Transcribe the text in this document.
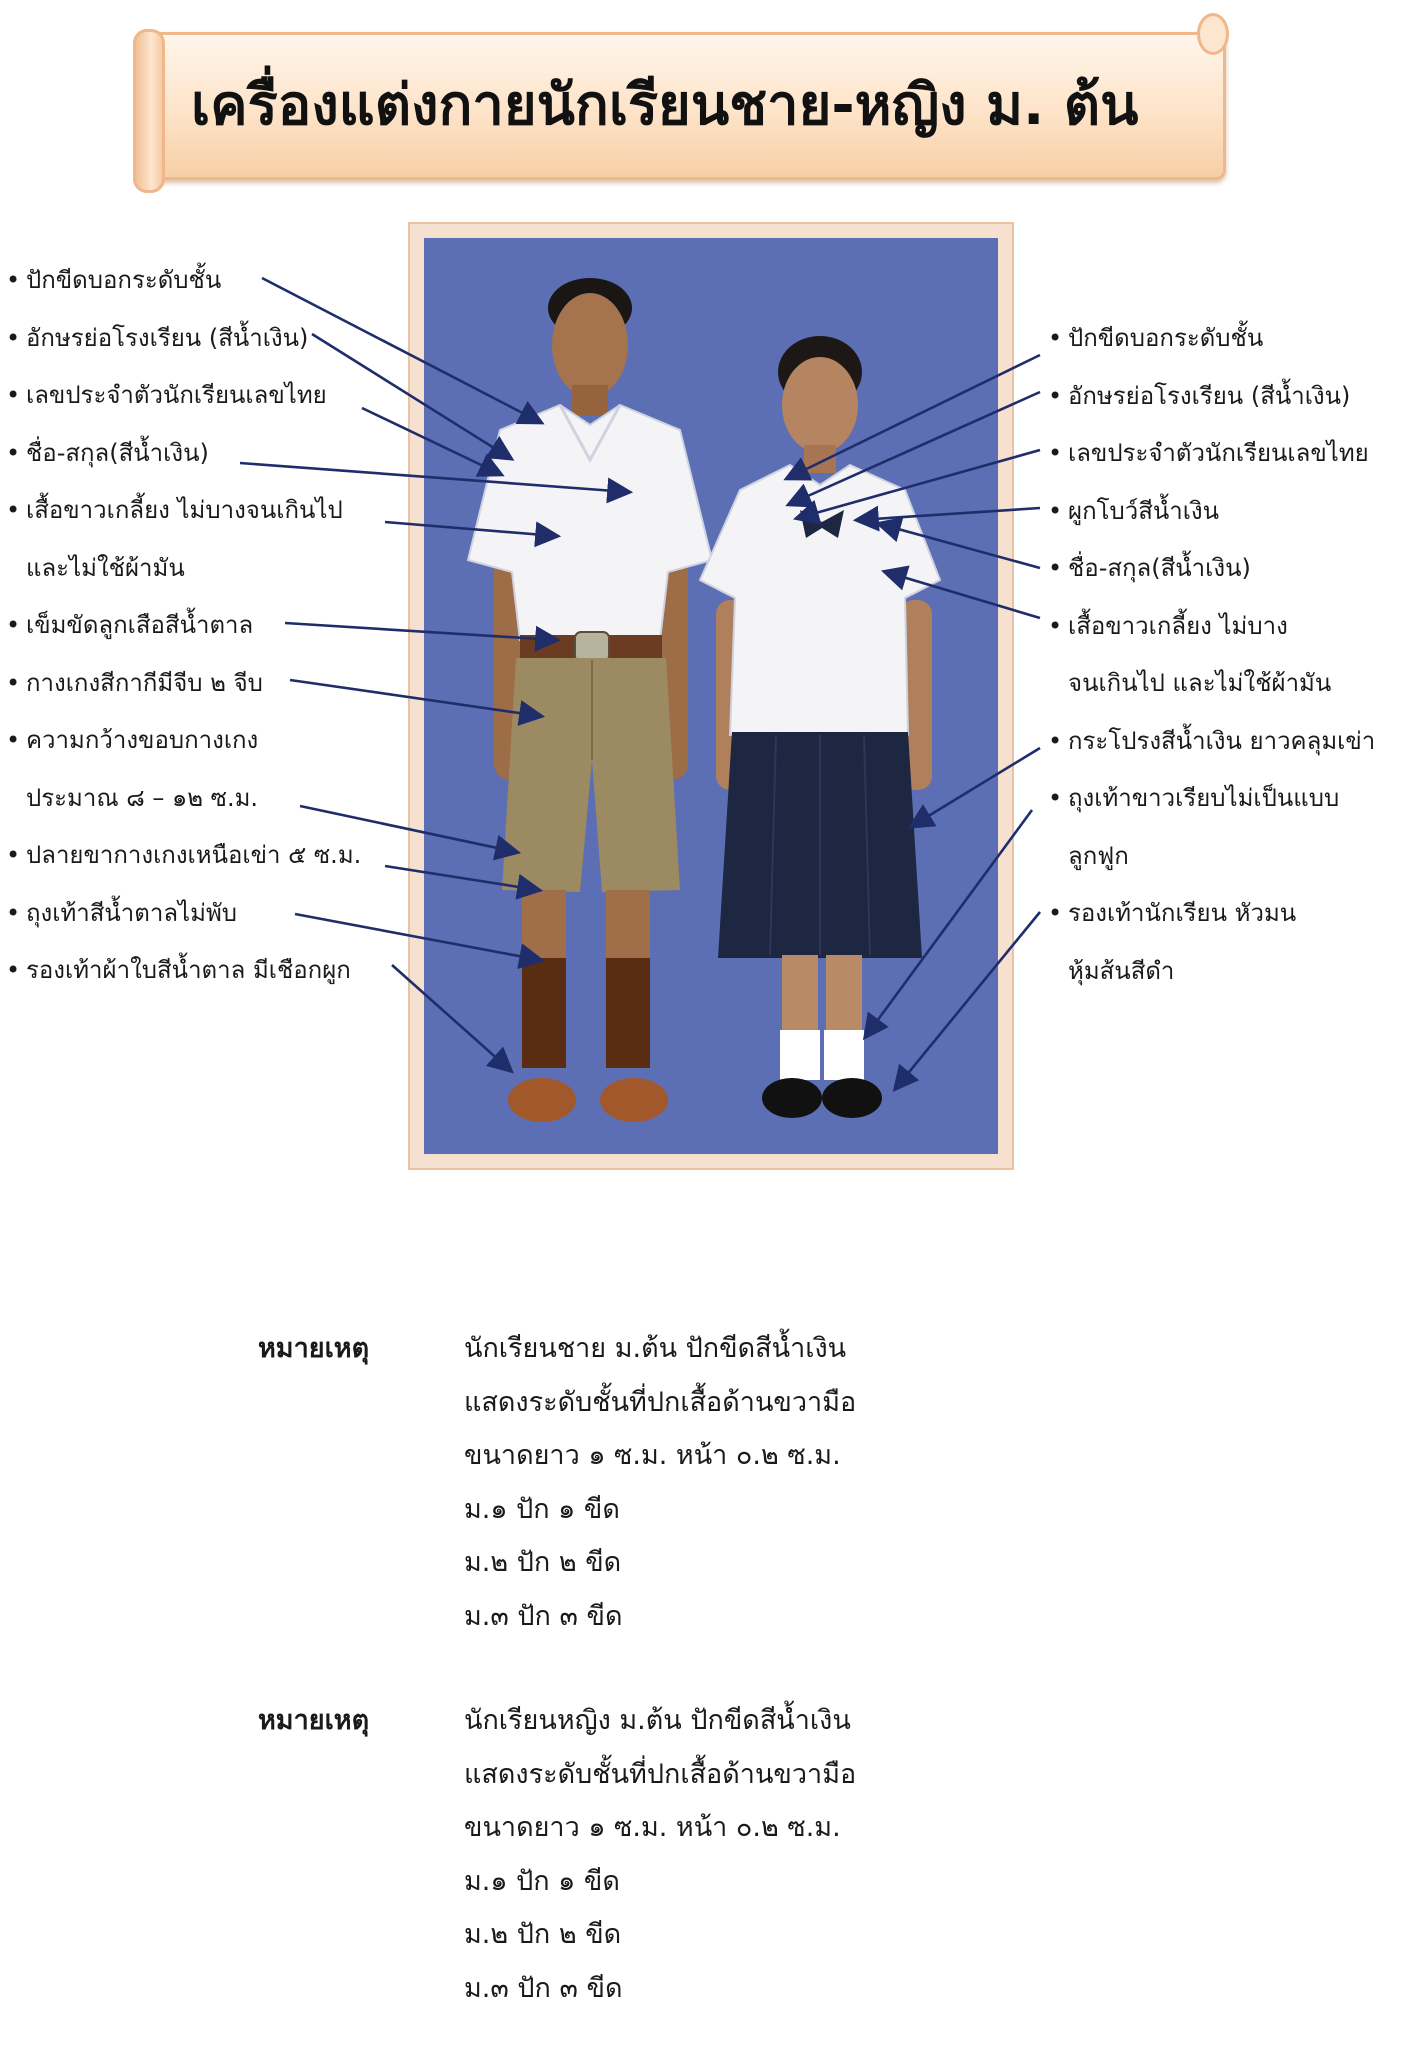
เครื่องแต่งกายนักเรียนชาย-หญิง ม. ต้น
• ปักขีดบอกระดับชั้น
• อักษรย่อโรงเรียน (สีน้ำเงิน)
• เลขประจำตัวนักเรียนเลขไทย
• ชื่อ-สกุล(สีน้ำเงิน)
• เสื้อขาวเกลี้ยง ไม่บางจนเกินไป
และไม่ใช้ผ้ามัน
• เข็มขัดลูกเสือสีน้ำตาล
• กางเกงสีกากีมีจีบ ๒ จีบ
• ความกว้างขอบกางเกง
ประมาณ ๘ – ๑๒ ซ.ม.
• ปลายขากางเกงเหนือเข่า ๕ ซ.ม.
• ถุงเท้าสีน้ำตาลไม่พับ
• รองเท้าผ้าใบสีน้ำตาล มีเชือกผูก
• ปักขีดบอกระดับชั้น
• อักษรย่อโรงเรียน (สีน้ำเงิน)
• เลขประจำตัวนักเรียนเลขไทย
• ผูกโบว์สีน้ำเงิน
• ชื่อ-สกุล(สีน้ำเงิน)
• เสื้อขาวเกลี้ยง ไม่บาง
จนเกินไป และไม่ใช้ผ้ามัน
• กระโปรงสีน้ำเงิน ยาวคลุมเข่า
• ถุงเท้าขาวเรียบไม่เป็นแบบ
ลูกฟูก
• รองเท้านักเรียน หัวมน
หุ้มส้นสีดำ
หมายเหตุ	นักเรียนชาย ม.ต้น ปักขีดสีน้ำเงิน
แสดงระดับชั้นที่ปกเสื้อด้านขวามือ
ขนาดยาว ๑ ซ.ม. หน้า ๐.๒ ซ.ม.
ม.๑ ปัก ๑ ขีด
ม.๒ ปัก ๒ ขีด
ม.๓ ปัก ๓ ขีด
หมายเหตุ	นักเรียนหญิง ม.ต้น ปักขีดสีน้ำเงิน
แสดงระดับชั้นที่ปกเสื้อด้านขวามือ
ขนาดยาว ๑ ซ.ม. หน้า ๐.๒ ซ.ม.
ม.๑ ปัก ๑ ขีด
ม.๒ ปัก ๒ ขีด
ม.๓ ปัก ๓ ขีด
